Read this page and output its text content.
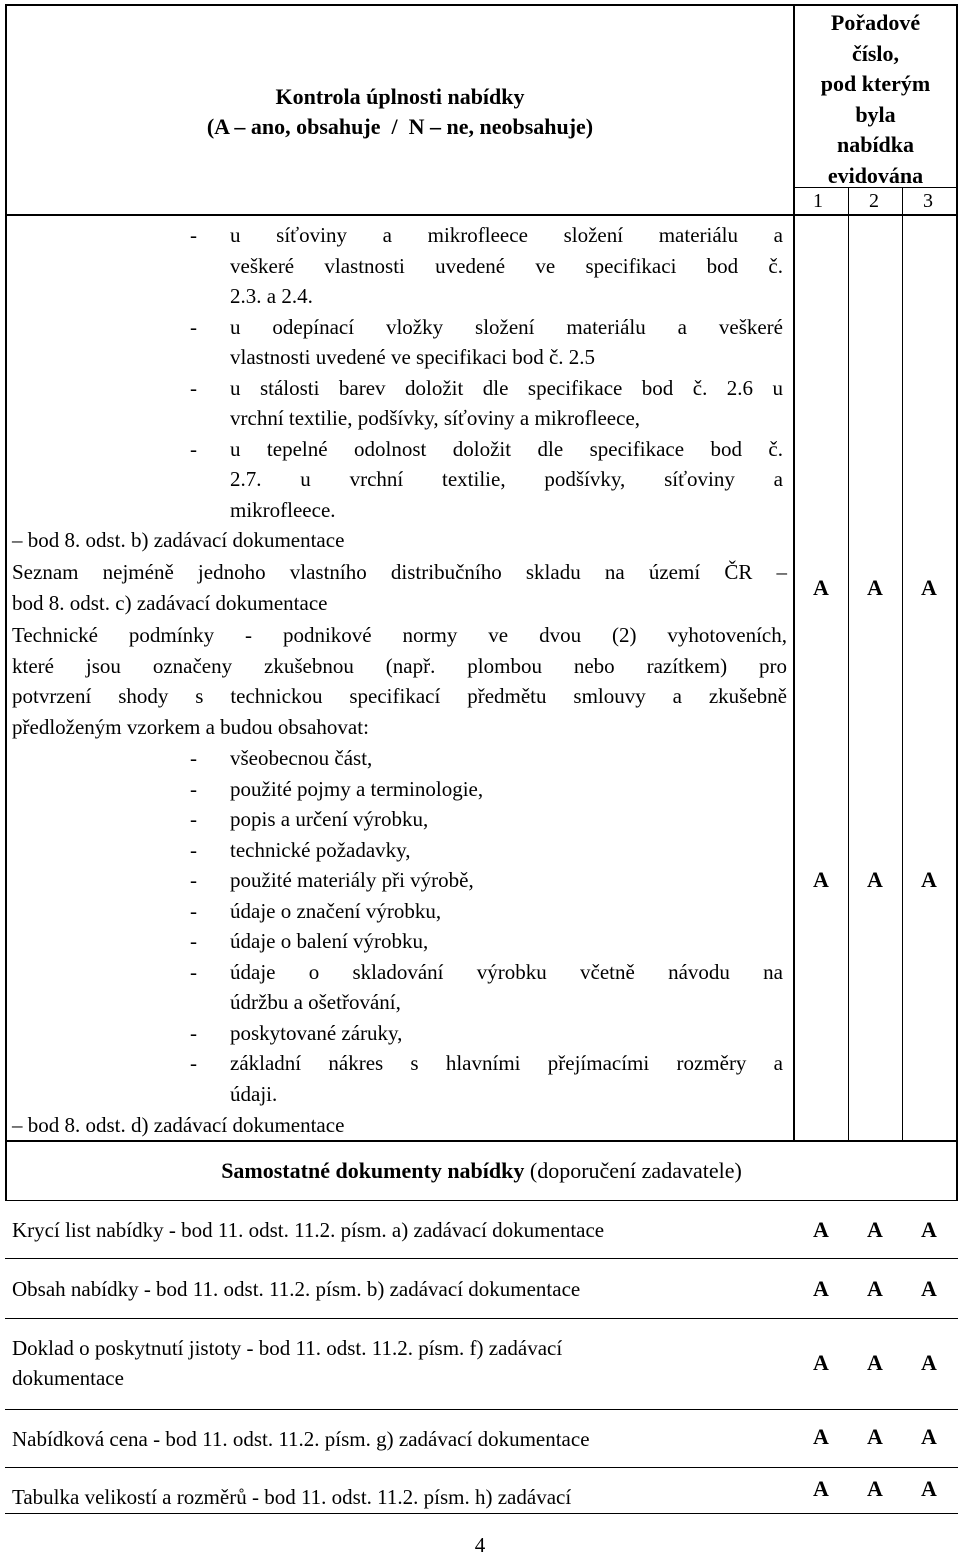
Kontrola úplnosti nabídky
(A – ano, obsahuje  /  N – ne, neobsahuje)
Pořadové
číslo,
pod kterým
byla
nabídka
evidována
1 2 3
- u síťoviny a mikrofleece složení materiálu a
veškeré vlastnosti uvedené ve specifikaci bod č.
2.3. a 2.4.
- u odepínací vložky složení materiálu a veškeré
vlastnosti uvedené ve specifikaci bod č. 2.5
- u stálosti barev doložit dle specifikace bod č. 2.6 u
vrchní textilie, podšívky, síťoviny a mikrofleece,
- u tepelné odolnost doložit dle specifikace bod č.
2.7. u vrchní textilie, podšívky, síťoviny a
mikrofleece.
– bod 8. odst. b) zadávací dokumentace
Seznam nejméně jednoho vlastního distribučního skladu na území ČR –
bod 8. odst. c) zadávací dokumentace
A	A	A
Technické podmínky - podnikové normy ve dvou (2) vyhotoveních,
které jsou označeny zkušebnou (např. plombou nebo razítkem) pro
potvrzení shody s technickou specifikací předmětu smlouvy a zkušebně
předloženým vzorkem a budou obsahovat:
- všeobecnou část,
- použité pojmy a terminologie,
- popis a určení výrobku,
- technické požadavky,
- použité materiály při výrobě,
- údaje o značení výrobku,
- údaje o balení výrobku,
- údaje o skladování výrobku včetně návodu na
údržbu a ošetřování,
- poskytované záruky,
- základní nákres s hlavními přejímacími rozměry a
údaji.
– bod 8. odst. d) zadávací dokumentace
A	A	A
Samostatné dokumenty nabídky (doporučení zadavatele)
Krycí list nabídky - bod 11. odst. 11.2. písm. a) zadávací dokumentace	A	A	A
Obsah nabídky - bod 11. odst. 11.2. písm. b) zadávací dokumentace	A	A	A
Doklad o poskytnutí jistoty - bod 11. odst. 11.2. písm. f) zadávací
dokumentace
A	A	A
Nabídková cena - bod 11. odst. 11.2. písm. g) zadávací dokumentace	A	A	A
Tabulka velikostí a rozměrů - bod 11. odst. 11.2. písm. h) zadávací	A	A	A
4
